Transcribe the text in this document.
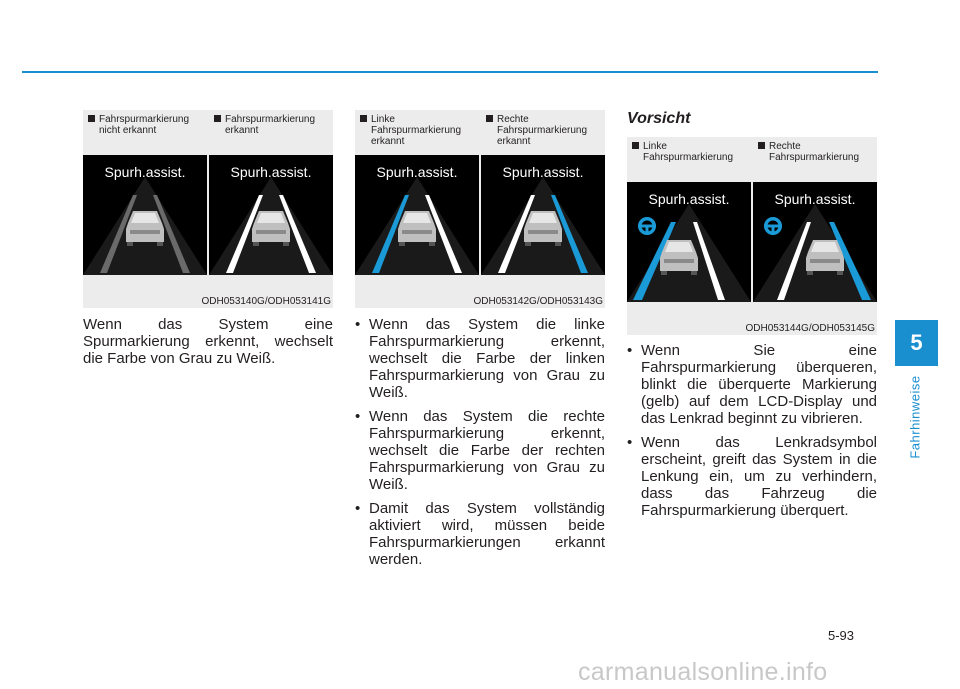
Fahrspurmarkierung
nicht erkannt
Fahrspurmarkierung
erkannt
Spurh.assist.	Spurh.assist.
ODH053140G/ODH053141G
Linke
Fahrspurmarkierung
erkannt
Rechte
Fahrspurmarkierung
erkannt
Spurh.assist.	Spurh.assist.
ODH053142G/ODH053143G
Vorsicht
Linke
Fahrspurmarkierung
Rechte
Fahrspurmarkierung
Spurh.assist.	Spurh.assist.
ODH053144G/ODH053145G
Wenn das System eine Spurmarkierung erkennt, wechselt die Farbe von Grau zu Weiß.
• Wenn das System die linke Fahrspurmarkierung erkennt, wechselt die Farbe der linken Fahrspurmarkierung von Grau zu Weiß.
• Wenn das System die rechte Fahrspurmarkierung erkennt, wechselt die Farbe der rechten Fahrspurmarkierung von Grau zu Weiß.
• Damit das System vollständig aktiviert wird, müssen beide Fahrspurmarkierungen erkannt werden.
• Wenn Sie eine Fahrspurmarkierung überqueren, blinkt die überquerte Markierung (gelb) auf dem LCD-Display und das Lenkrad beginnt zu vibrieren.
• Wenn das Lenkradsymbol erscheint, greift das System in die Lenkung ein, um zu verhindern, dass das Fahrzeug die Fahrspurmarkierung überquert.
5
Fahrhinweise
5-93
carmanualsonline.info
